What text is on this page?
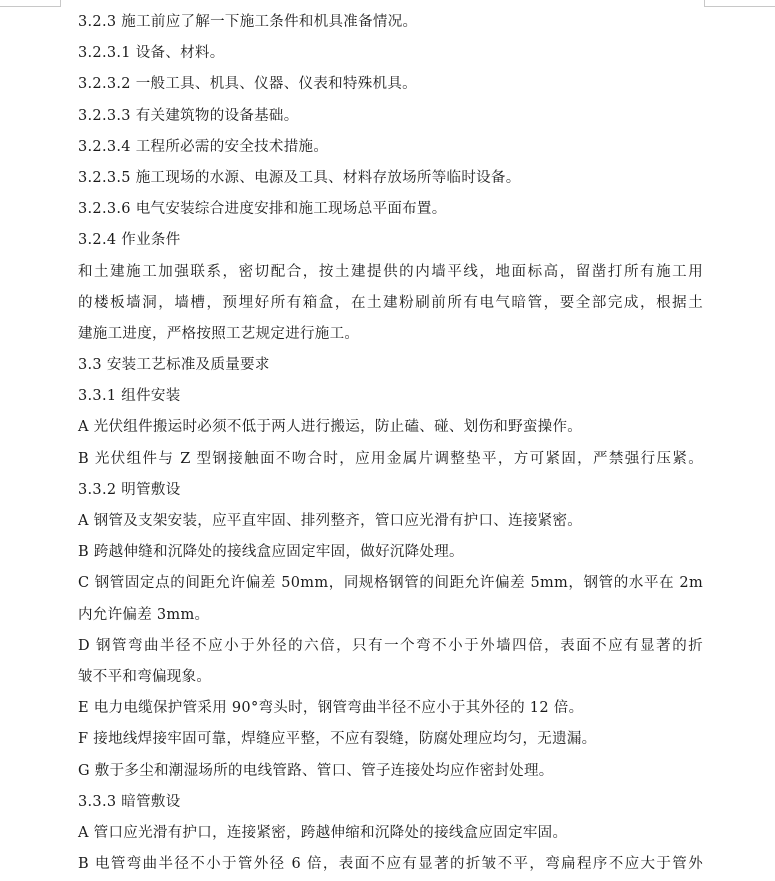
3.2.3 施工前应了解一下施工条件和机具准备情况。
3.2.3.1 设备、材料。
3.2.3.2 一般工具、机具、仪器、仪表和特殊机具。
3.2.3.3 有关建筑物的设备基础。
3.2.3.4 工程所必需的安全技术措施。
3.2.3.5 施工现场的水源、电源及工具、材料存放场所等临时设备。
3.2.3.6 电气安装综合进度安排和施工现场总平面布置。
3.2.4 作业条件
和土建施工加强联系，密切配合，按土建提供的内墙平线，地面标高，留凿打所有施工用
的楼板墙洞，墙槽，预埋好所有箱盒，在土建粉刷前所有电气暗管，要全部完成，根据土
建施工进度，严格按照工艺规定进行施工。
3.3 安装工艺标准及质量要求
3.3.1 组件安装
A 光伏组件搬运时必须不低于两人进行搬运，防止磕、碰、划伤和野蛮操作。
B 光伏组件与 Z 型钢接触面不吻合时，应用金属片调整垫平，方可紧固，严禁强行压紧。
3.3.2 明管敷设
A 钢管及支架安装，应平直牢固、排列整齐，管口应光滑有护口、连接紧密。
B 跨越伸缝和沉降处的接线盒应固定牢固，做好沉降处理。
C 钢管固定点的间距允许偏差 50mm，同规格钢管的间距允许偏差 5mm，钢管的水平在 2m
内允许偏差 3mm。
D 钢管弯曲半径不应小于外径的六倍，只有一个弯不小于外墙四倍，表面不应有显著的折
皱不平和弯偏现象。
E 电力电缆保护管采用 90°弯头时，钢管弯曲半径不应小于其外径的 12 倍。
F 接地线焊接牢固可靠，焊缝应平整，不应有裂缝，防腐处理应均匀，无遗漏。
G 敷于多尘和潮湿场所的电线管路、管口、管子连接处均应作密封处理。
3.3.3 暗管敷设
A 管口应光滑有护口，连接紧密，跨越伸缩和沉降处的接线盒应固定牢固。
B 电管弯曲半径不小于管外径 6 倍，表面不应有显著的折皱不平，弯扁程序不应大于管外
